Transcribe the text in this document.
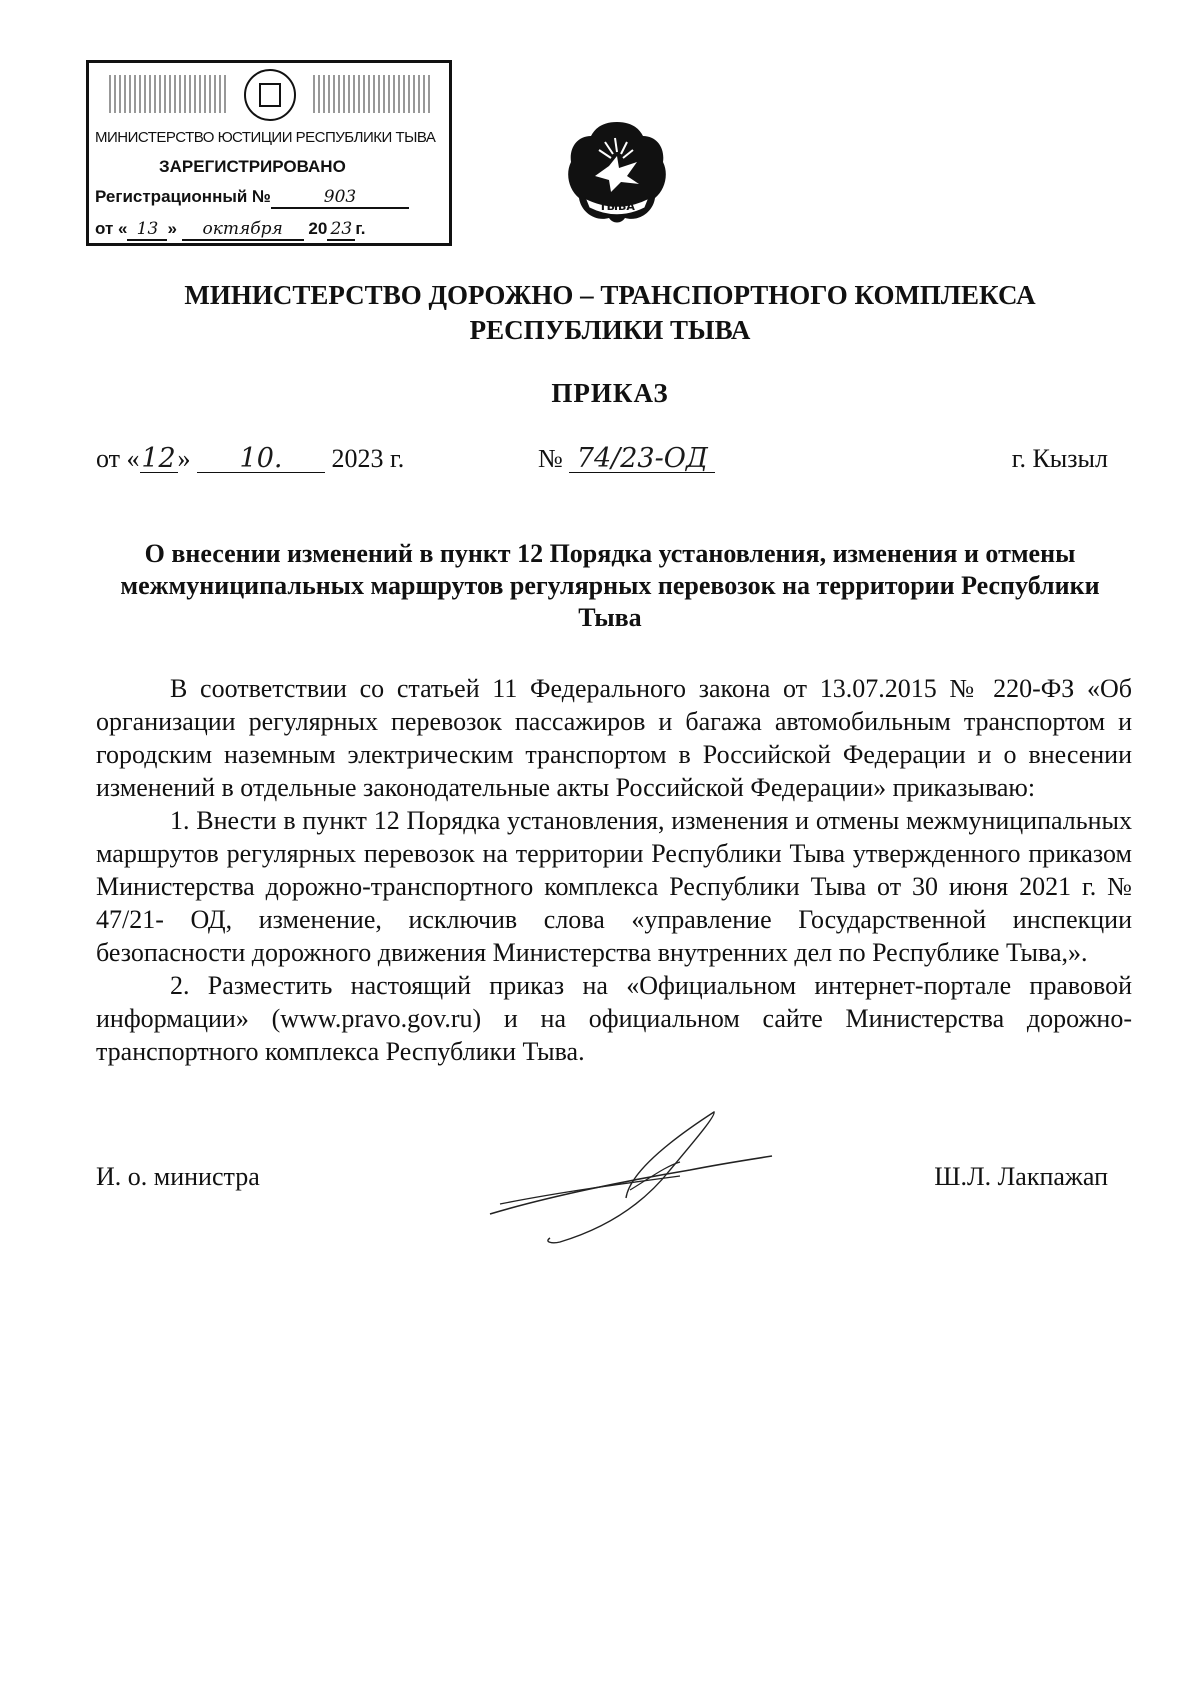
МИНИСТЕРСТВО ЮСТИЦИИ РЕСПУБЛИКИ ТЫВА
ЗАРЕГИСТРИРОВАНО
Регистрационный №	903
от « 13 » октября 20 23 г.
ТЫВА
МИНИСТЕРСТВО ДОРОЖНО – ТРАНСПОРТНОГО КОМПЛЕКСА
РЕСПУБЛИКИ ТЫВА
ПРИКАЗ
от «12» 10. 2023 г.	№ 74/23-ОД	г. Кызыл
О внесении изменений в пункт 12 Порядка установления, изменения и отмены межмуниципальных маршрутов регулярных перевозок на территории Республики Тыва

В соответствии со статьей 11 Федерального закона от 13.07.2015 № 220-ФЗ «Об организации регулярных перевозок пассажиров и багажа автомобильным транспортом и городским наземным электрическим транспортом в Российской Федерации и о внесении изменений в отдельные законодательные акты Российской Федерации» приказываю:

1. Внести в пункт 12 Порядка установления, изменения и отмены межмуниципальных маршрутов регулярных перевозок на территории Республики Тыва утвержденного приказом Министерства дорожно-транспортного комплекса Республики Тыва от 30 июня 2021 г. № 47/21- ОД, изменение, исключив слова «управление Государственной инспекции безопасности дорожного движения Министерства внутренних дел по Республике Тыва,».

2. Разместить настоящий приказ на «Официальном интернет-портале правовой информации» (www.pravo.gov.ru) и на официальном сайте Министерства дорожно-транспортного комплекса Республики Тыва.

И. о. министра	Ш.Л. Лакпажап
